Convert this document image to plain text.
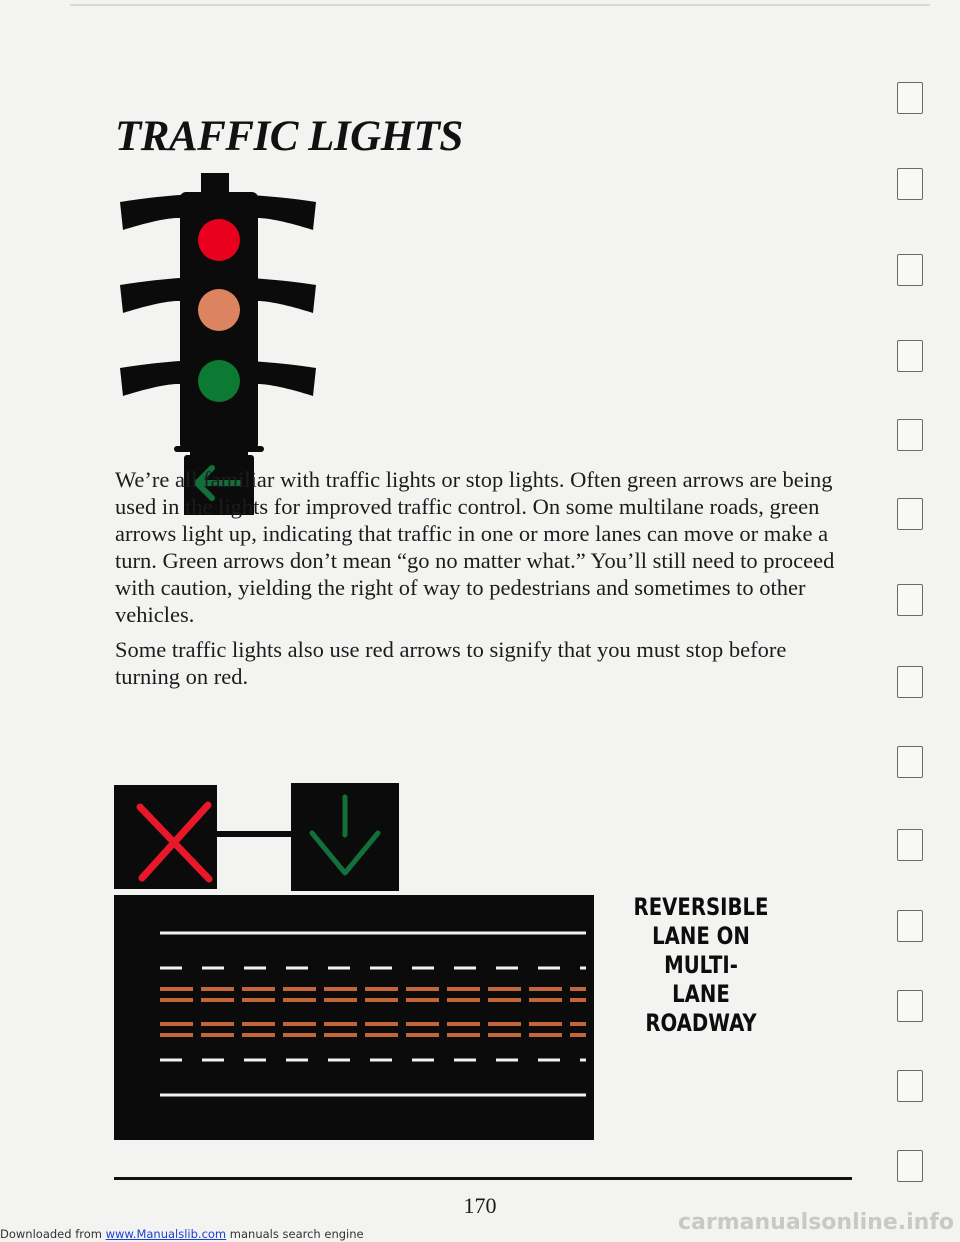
TRAFFIC LIGHTS

We’re all familiar with traffic lights or stop lights. Often green arrows are being used in the lights for improved traffic control. On some multilane roads, green arrows light up, indicating that traffic in one or more lanes can move or make a turn. Green arrows don’t mean “go no matter what.” You’ll still need to proceed with caution, yielding the right of way to pedestrians and sometimes to other vehicles.

Some traffic lights also use red arrows to signify that you must stop before turning on red.

REVERSIBLE
LANE ON
MULTI-
LANE
ROADWAY
170
Downloaded from www.Manualslib.com manuals search engine	carmanualsonline.info
